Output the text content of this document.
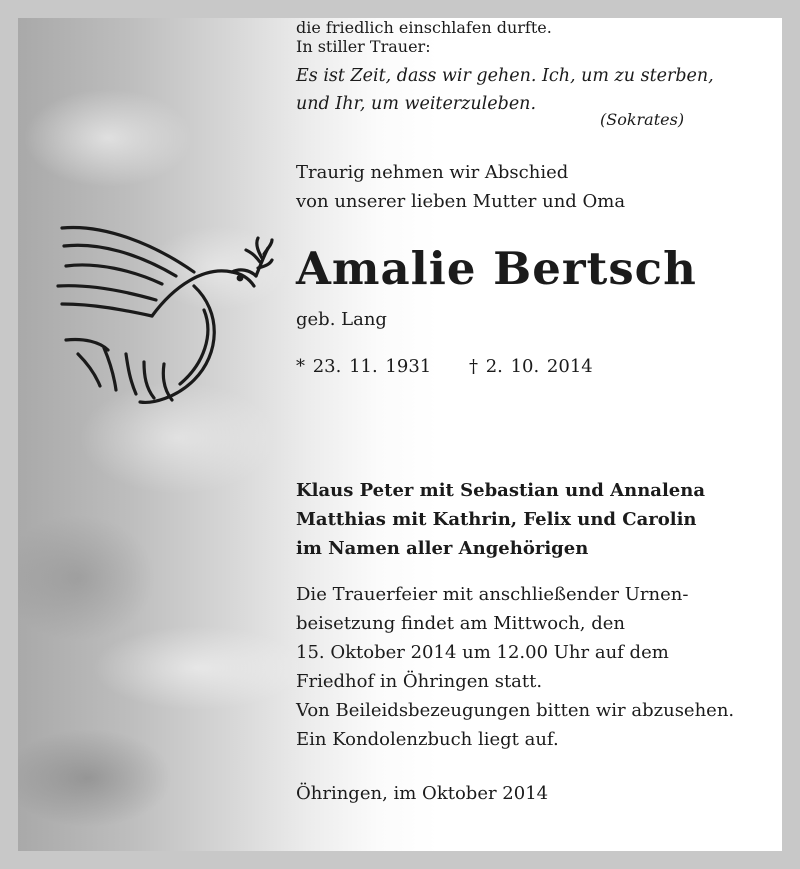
Es ist Zeit, dass wir gehen. Ich, um zu sterben,
und Ihr, um weiterzuleben.
(Sokrates)
Traurig nehmen wir Abschied
von unserer lieben Mutter und Oma
Amalie Bertsch
geb. Lang
* 23. 11. 1931 † 2. 10. 2014
die friedlich einschlafen durfte.
In stiller Trauer:
Klaus Peter mit Sebastian und Annalena
Matthias mit Kathrin, Felix und Carolin
im Namen aller Angehörigen
Die Trauerfeier mit anschließender Urnen-
beisetzung findet am Mittwoch, den
15. Oktober 2014 um 12.00 Uhr auf dem
Friedhof in Öhringen statt.
Von Beileidsbezeugungen bitten wir abzusehen.
Ein Kondolenzbuch liegt auf.
Öhringen, im Oktober 2014
